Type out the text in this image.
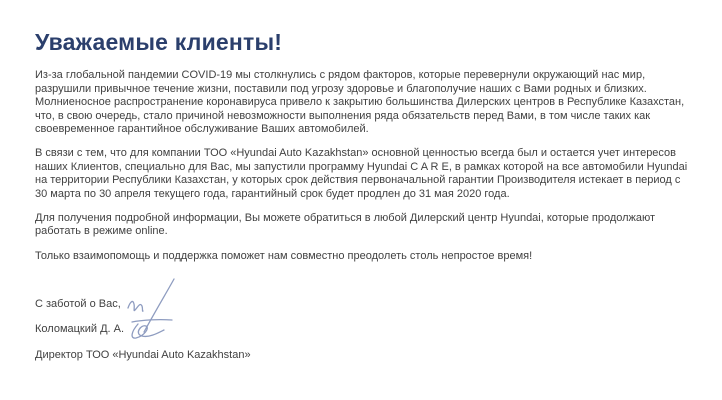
Уважаемые клиенты!

Из-за глобальной пандемии COVID-19 мы столкнулись с рядом факторов, которые перевернули окружающий нас мир, разрушили привычное течение жизни, поставили под угрозу здоровье и благополучие наших с Вами родных и близких. Молниеносное распространение коронавируса привело к закрытию большинства Дилерских центров в Республике Казахстан, что, в свою очередь, стало причиной невозможности выполнения ряда обязательств перед Вами, в том числе таких как своевременное гарантийное обслуживание Ваших автомобилей.

В связи с тем, что для компании ТОО «Hyundai Auto Kazakhstan» основной ценностью всегда был и остается учет интересов наших Клиентов, специально для Вас, мы запустили программу Hyundai C A R E, в рамках которой на все автомобили Hyundai на территории Республики Казахстан, у которых срок действия первоначальной гарантии Производителя истекает в период с 30 марта по 30 апреля текущего года, гарантийный срок будет продлен до 31 мая 2020 года.

Для получения подробной информации, Вы можете обратиться в любой Дилерский центр Hyundai, которые продолжают работать в режиме online.

Только взаимопомощь и поддержка поможет нам совместно преодолеть столь непростое время!

С заботой о Вас,

Коломацкий Д. А.

Директор ТОО «Hyundai Auto Kazakhstan»
